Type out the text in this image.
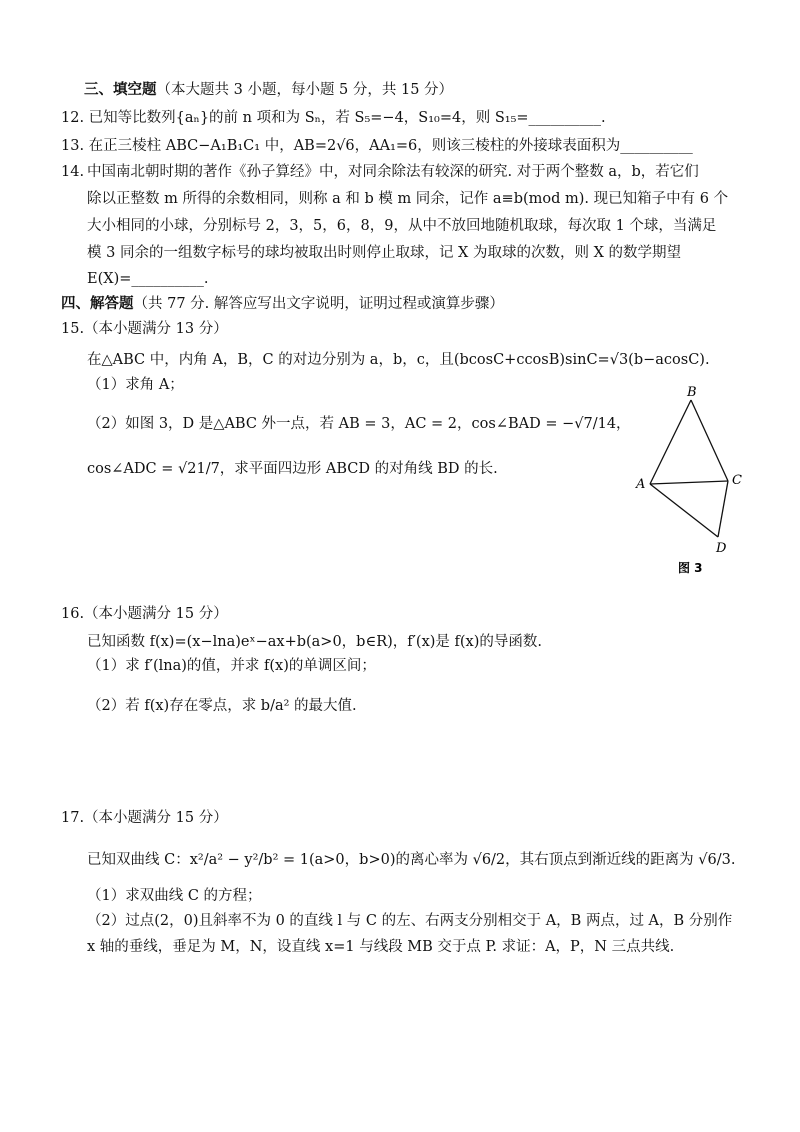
三、填空题（本大题共 3 小题，每小题 5 分，共 15 分）
12. 已知等比数列{aₙ}的前 n 项和为 Sₙ，若 S₅=−4，S₁₀=4，则 S₁₅=__________.
13. 在正三棱柱 ABC−A₁B₁C₁ 中，AB=2√6，AA₁=6，则该三棱柱的外接球表面积为__________
14. 中国南北朝时期的著作《孙子算经》中，对同余除法有较深的研究. 对于两个整数 a，b，若它们
除以正整数 m 所得的余数相同，则称 a 和 b 模 m 同余，记作 a≡b(mod m). 现已知箱子中有 6 个
大小相同的小球，分别标号 2，3，5，6，8，9，从中不放回地随机取球，每次取 1 个球，当满足
模 3 同余的一组数字标号的球均被取出时则停止取球，记 X 为取球的次数，则 X 的数学期望
E(X)=__________.
四、解答题（共 77 分. 解答应写出文字说明，证明过程或演算步骤）
15.（本小题满分 13 分）
在△ABC 中，内角 A，B，C 的对边分别为 a，b，c，且(bcosC+ccosB)sinC=√3(b−acosC).
（1）求角 A；
（2）如图 3，D 是△ABC 外一点，若 AB = 3，AC = 2，cos∠BAD = −√7/14，
cos∠ADC = √21/7，求平面四边形 ABCD 的对角线 BD 的长.
B
A	C
D
图 3
16.（本小题满分 15 分）
已知函数 f(x)=(x−lna)eˣ−ax+b(a>0，b∈R)，f′(x)是 f(x)的导函数.
（1）求 f′(lna)的值，并求 f(x)的单调区间；
（2）若 f(x)存在零点，求 b/a² 的最大值.
17.（本小题满分 15 分）
已知双曲线 C：x²/a² − y²/b² = 1(a>0，b>0)的离心率为 √6/2，其右顶点到渐近线的距离为 √6/3.
（1）求双曲线 C 的方程；
（2）过点(2，0)且斜率不为 0 的直线 l 与 C 的左、右两支分别相交于 A，B 两点，过 A，B 分别作
x 轴的垂线，垂足为 M，N，设直线 x=1 与线段 MB 交于点 P. 求证：A，P，N 三点共线.
